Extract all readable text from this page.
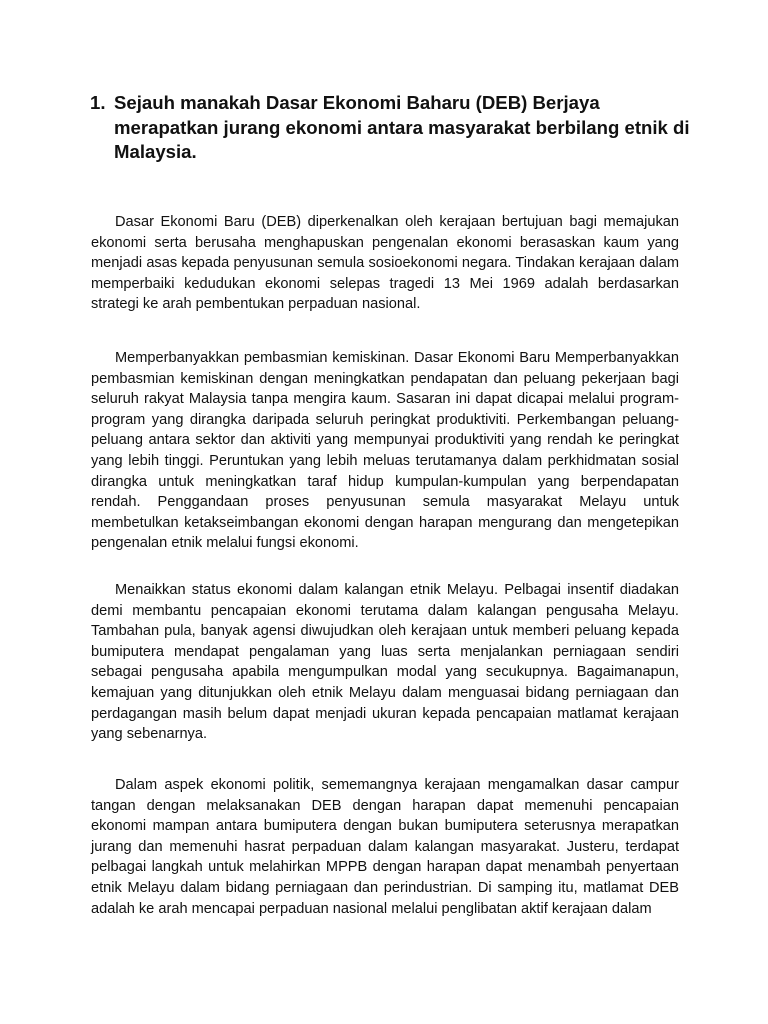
1. Sejauh manakah Dasar Ekonomi Baharu (DEB) Berjaya merapatkan jurang ekonomi antara masyarakat berbilang etnik di Malaysia.

Dasar Ekonomi Baru (DEB) diperkenalkan oleh kerajaan bertujuan bagi memajukan ekonomi serta berusaha menghapuskan pengenalan ekonomi berasaskan kaum yang menjadi asas kepada penyusunan semula sosioekonomi negara. Tindakan kerajaan dalam memperbaiki kedudukan ekonomi selepas tragedi 13 Mei 1969 adalah berdasarkan strategi ke arah pembentukan perpaduan nasional.

Memperbanyakkan pembasmian kemiskinan. Dasar Ekonomi Baru Memperbanyakkan pembasmian kemiskinan dengan meningkatkan pendapatan dan peluang pekerjaan bagi seluruh rakyat Malaysia tanpa mengira kaum. Sasaran ini dapat dicapai melalui program-program yang dirangka daripada seluruh peringkat produktiviti. Perkembangan peluang-peluang antara sektor dan aktiviti yang mempunyai produktiviti yang rendah ke peringkat yang lebih tinggi. Peruntukan yang lebih meluas terutamanya dalam perkhidmatan sosial dirangka untuk meningkatkan taraf hidup kumpulan-kumpulan yang berpendapatan rendah. Penggandaan proses penyusunan semula masyarakat Melayu untuk membetulkan ketakseimbangan ekonomi dengan harapan mengurang dan mengetepikan pengenalan etnik melalui fungsi ekonomi.

Menaikkan status ekonomi dalam kalangan etnik Melayu. Pelbagai insentif diadakan demi membantu pencapaian ekonomi terutama dalam kalangan pengusaha Melayu. Tambahan pula, banyak agensi diwujudkan oleh kerajaan untuk memberi peluang kepada bumiputera mendapat pengalaman yang luas serta menjalankan perniagaan sendiri sebagai pengusaha apabila mengumpulkan modal yang secukupnya. Bagaimanapun, kemajuan yang ditunjukkan oleh etnik Melayu dalam menguasai bidang perniagaan dan perdagangan masih belum dapat menjadi ukuran kepada pencapaian matlamat kerajaan yang sebenarnya.

Dalam aspek ekonomi politik, sememangnya kerajaan mengamalkan dasar campur tangan dengan melaksanakan DEB dengan harapan dapat memenuhi pencapaian ekonomi mampan antara bumiputera dengan bukan bumiputera seterusnya merapatkan jurang dan memenuhi hasrat perpaduan dalam kalangan masyarakat. Justeru, terdapat pelbagai langkah untuk melahirkan MPPB dengan harapan dapat menambah penyertaan etnik Melayu dalam bidang perniagaan dan perindustrian. Di samping itu, matlamat DEB adalah ke arah mencapai perpaduan nasional melalui penglibatan aktif kerajaan dalam
